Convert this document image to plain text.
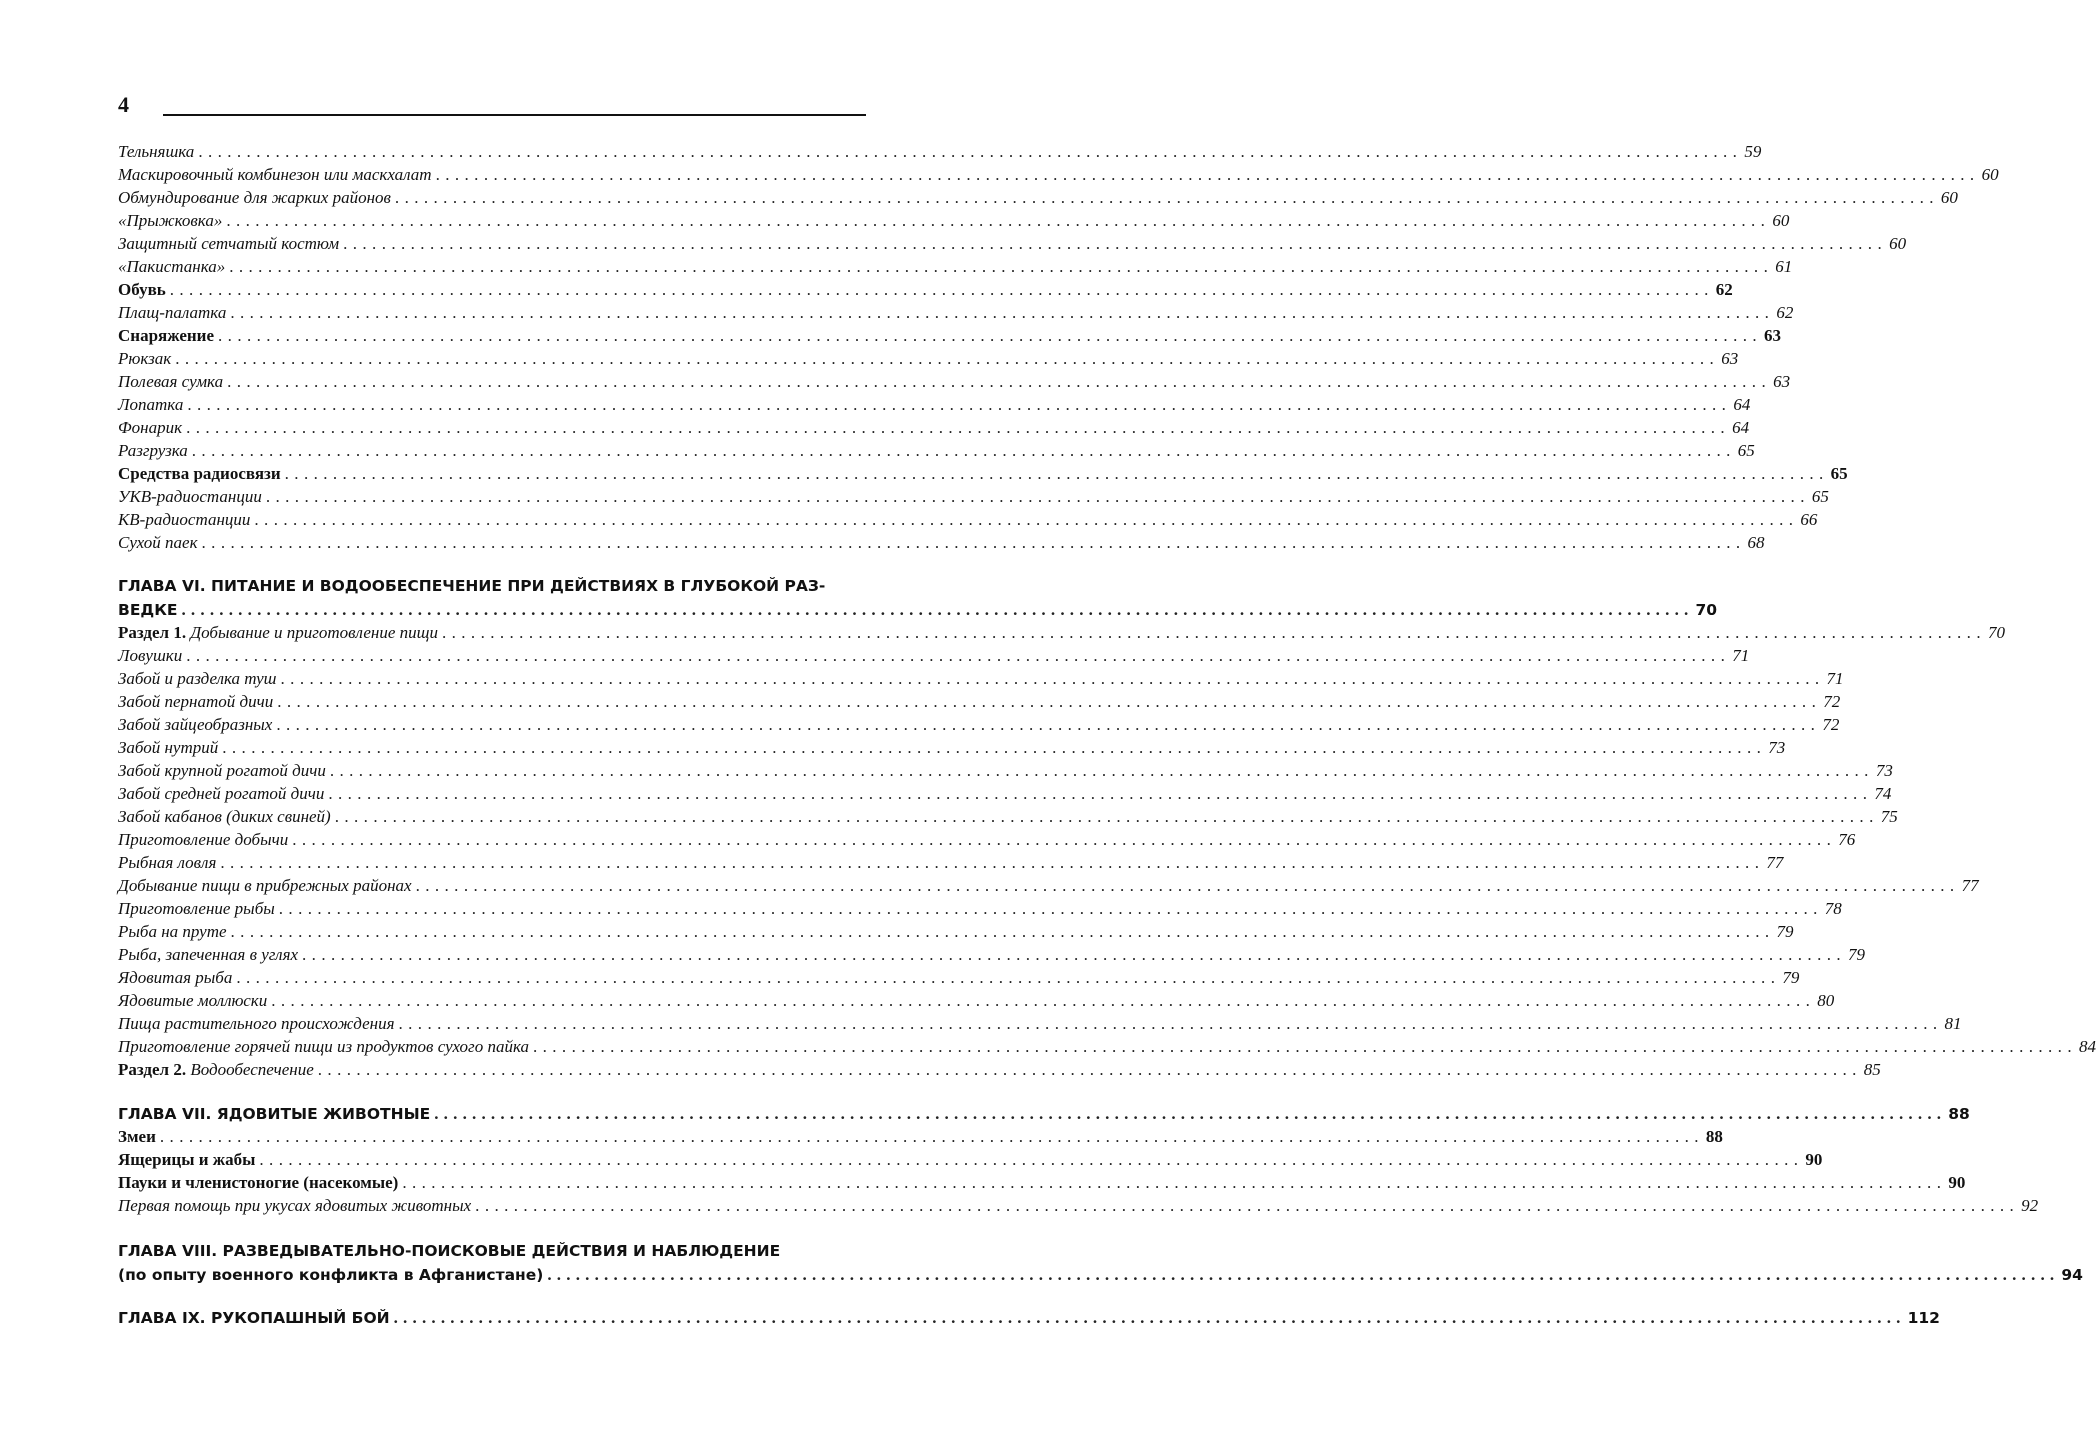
4
Тельняшка ................................................................................................................................................................ 59
Маскировочный комбинезон или маскхалат ................................................................................................................................................................ 60
Обмундирование для жарких районов ................................................................................................................................................................ 60
«Прыжковка» ................................................................................................................................................................ 60
Защитный сетчатый костюм ................................................................................................................................................................ 60
«Пакистанка» ................................................................................................................................................................ 61
Обувь ................................................................................................................................................................ 62
Плащ-палатка ................................................................................................................................................................ 62
Снаряжение ................................................................................................................................................................ 63
Рюкзак ................................................................................................................................................................ 63
Полевая сумка ................................................................................................................................................................ 63
Лопатка ................................................................................................................................................................ 64
Фонарик ................................................................................................................................................................ 64
Разгрузка ................................................................................................................................................................ 65
Средства радиосвязи ................................................................................................................................................................ 65
УКВ-радиостанции ................................................................................................................................................................ 65
КВ-радиостанции ................................................................................................................................................................ 66
Сухой паек ................................................................................................................................................................ 68
ГЛАВА VI. ПИТАНИЕ И ВОДООБЕСПЕЧЕНИЕ ПРИ ДЕЙСТВИЯХ В ГЛУБОКОЙ РАЗ-
ВЕДКЕ ................................................................................................................................................................ 70
Раздел 1. Добывание и приготовление пищи ................................................................................................................................................................ 70
Ловушки ................................................................................................................................................................ 71
Забой и разделка туш ................................................................................................................................................................ 71
Забой пернатой дичи ................................................................................................................................................................ 72
Забой зайцеобразных ................................................................................................................................................................ 72
Забой нутрий ................................................................................................................................................................ 73
Забой крупной рогатой дичи ................................................................................................................................................................ 73
Забой средней рогатой дичи ................................................................................................................................................................ 74
Забой кабанов (диких свиней) ................................................................................................................................................................ 75
Приготовление добычи ................................................................................................................................................................ 76
Рыбная ловля ................................................................................................................................................................ 77
Добывание пищи в прибрежных районах ................................................................................................................................................................ 77
Приготовление рыбы ................................................................................................................................................................ 78
Рыба на пруте ................................................................................................................................................................ 79
Рыба, запеченная в углях ................................................................................................................................................................ 79
Ядовитая рыба ................................................................................................................................................................ 79
Ядовитые моллюски ................................................................................................................................................................ 80
Пища растительного происхождения ................................................................................................................................................................ 81
Приготовление горячей пищи из продуктов сухого пайка ................................................................................................................................................................ 84
Раздел 2. Водообеспечение ................................................................................................................................................................ 85
ГЛАВА VII. ЯДОВИТЫЕ ЖИВОТНЫЕ ................................................................................................................................................................ 88
Змеи ................................................................................................................................................................ 88
Ящерицы и жабы ................................................................................................................................................................ 90
Пауки и членистоногие (насекомые) ................................................................................................................................................................ 90
Первая помощь при укусах ядовитых животных ................................................................................................................................................................ 92
ГЛАВА VIII. РАЗВЕДЫВАТЕЛЬНО-ПОИСКОВЫЕ ДЕЙСТВИЯ И НАБЛЮДЕНИЕ
(по опыту военного конфликта в Афганистане) ................................................................................................................................................................ 94
ГЛАВА IX. РУКОПАШНЫЙ БОЙ ................................................................................................................................................................ 112
